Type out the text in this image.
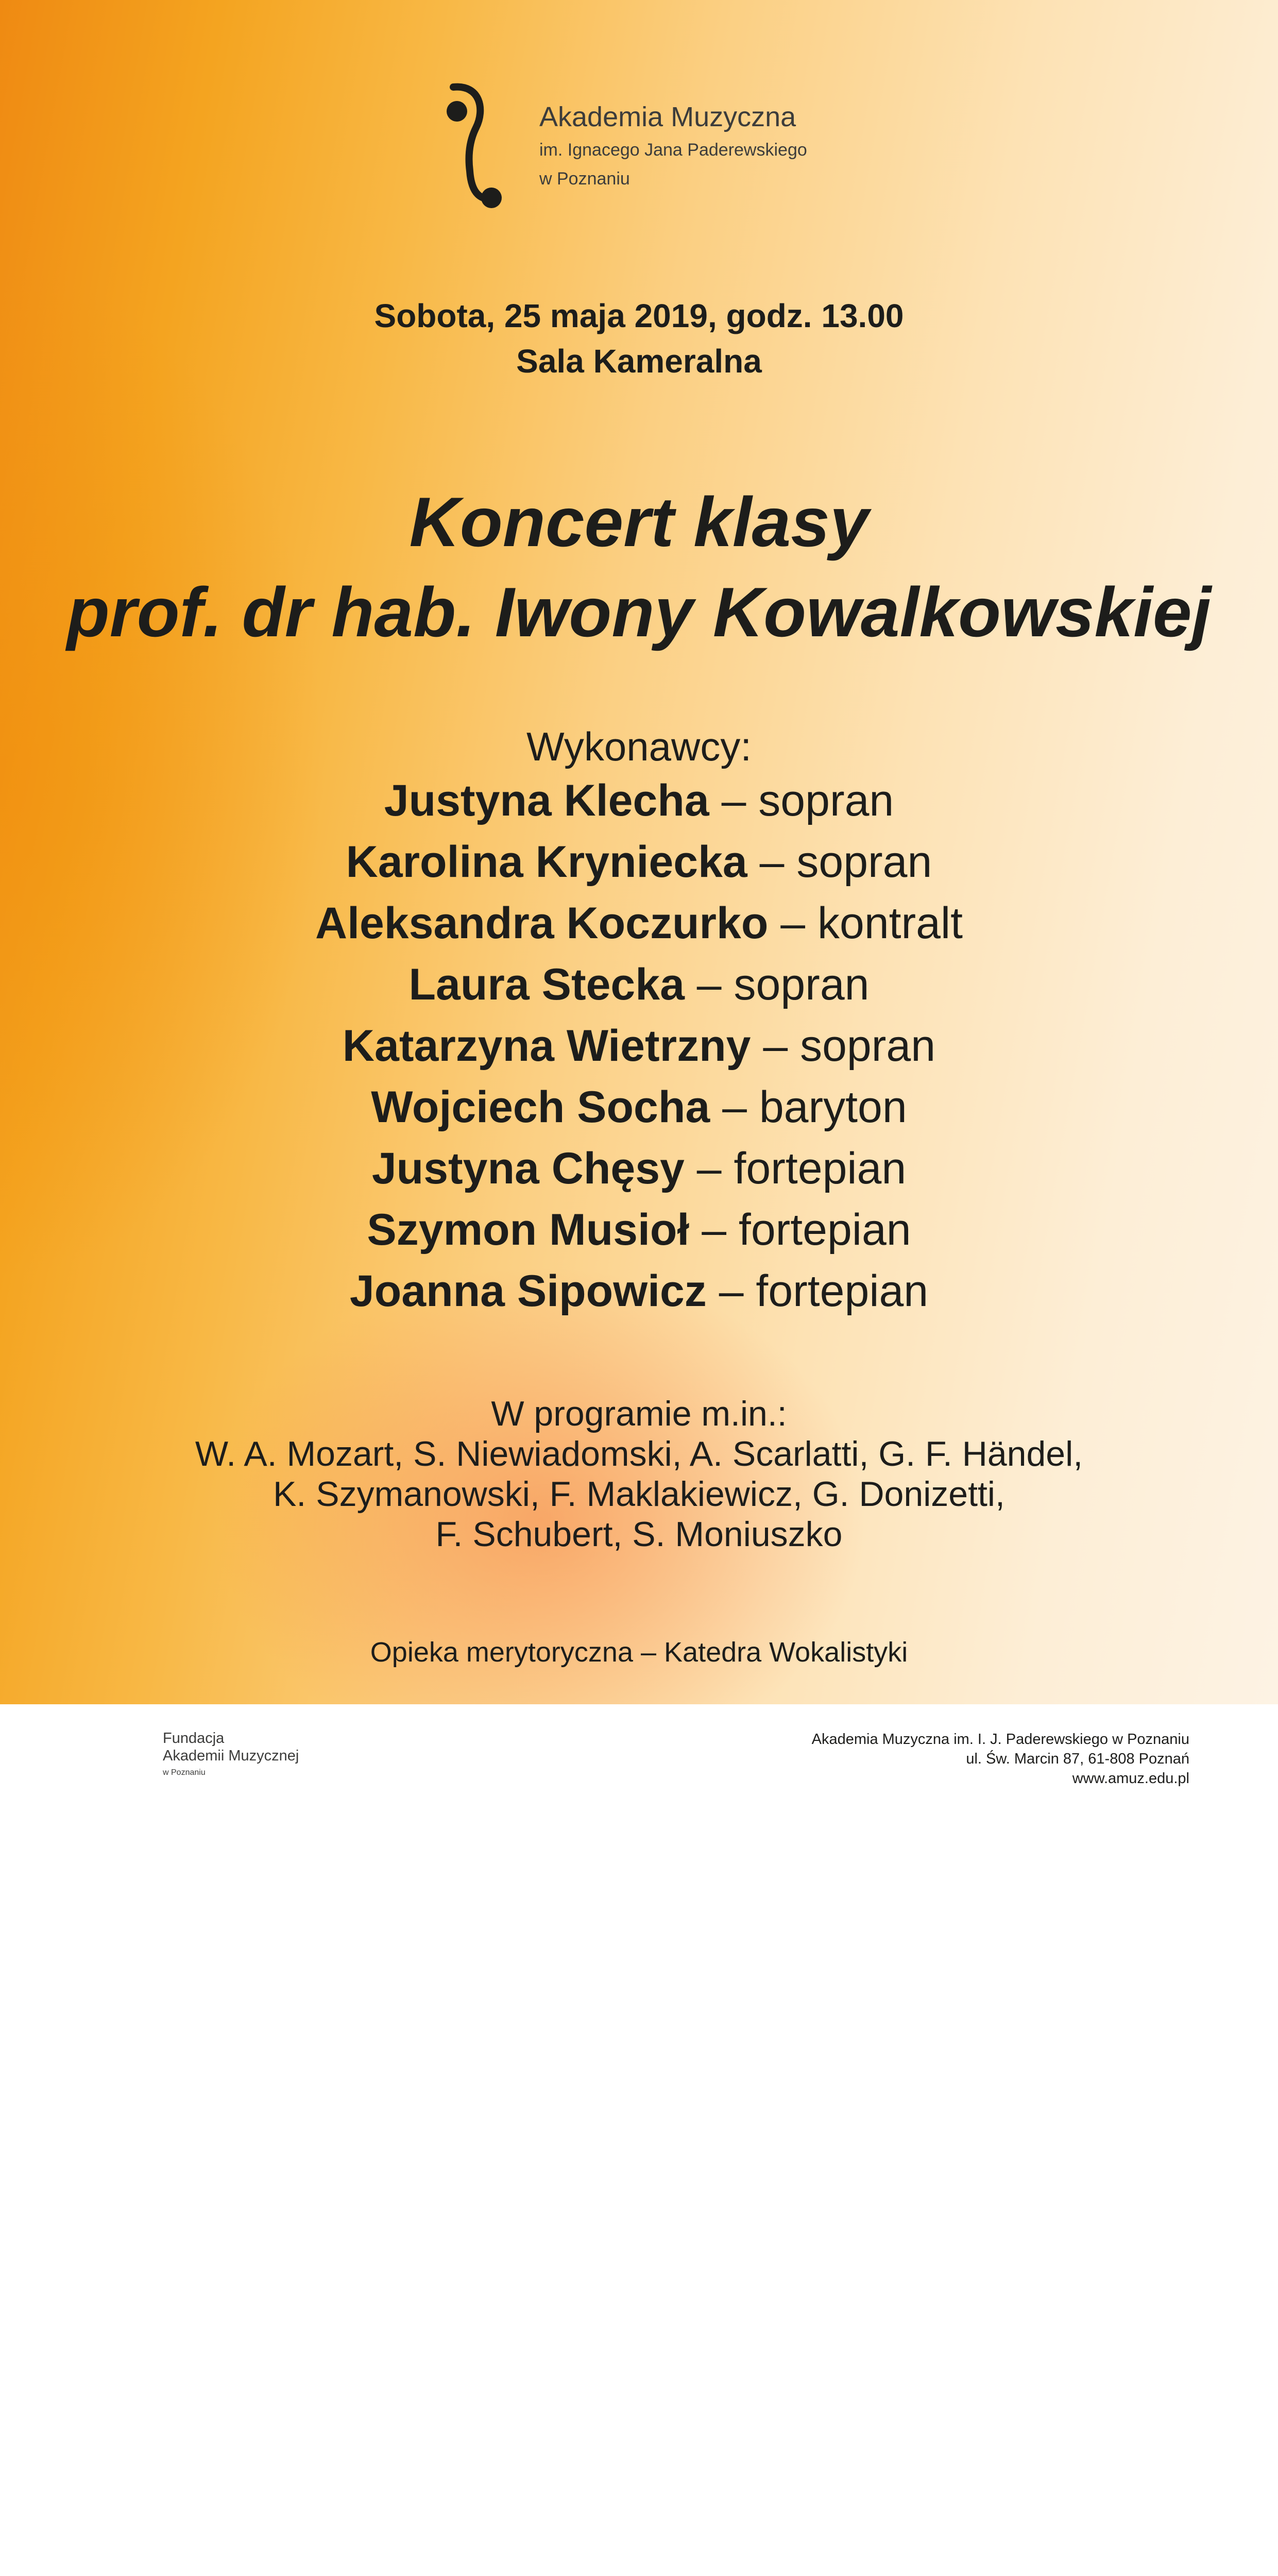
Akademia Muzyczna
im. Ignacego Jana Paderewskiego
w Poznaniu
Sobota, 25 maja 2019, godz. 13.00
Sala Kameralna
Koncert klasy
prof. dr hab. Iwony Kowalkowskiej
Wykonawcy:
Justyna Klecha – sopran
Karolina Kryniecka – sopran
Aleksandra Koczurko – kontralt
Laura Stecka – sopran
Katarzyna Wietrzny – sopran
Wojciech Socha – baryton
Justyna Chęsy – fortepian
Szymon Musioł – fortepian
Joanna Sipowicz – fortepian
W programie m.in.:
W. A. Mozart, S. Niewiadomski, A. Scarlatti, G. F. Händel,
K. Szymanowski, F. Maklakiewicz, G. Donizetti,
F. Schubert, S. Moniuszko
Opieka merytoryczna – Katedra Wokalistyki
Fundacja
Akademii Muzycznej
w Poznaniu
Akademia Muzyczna im. I. J. Paderewskiego w Poznaniu
ul. Św. Marcin 87, 61-808 Poznań
www.amuz.edu.pl
